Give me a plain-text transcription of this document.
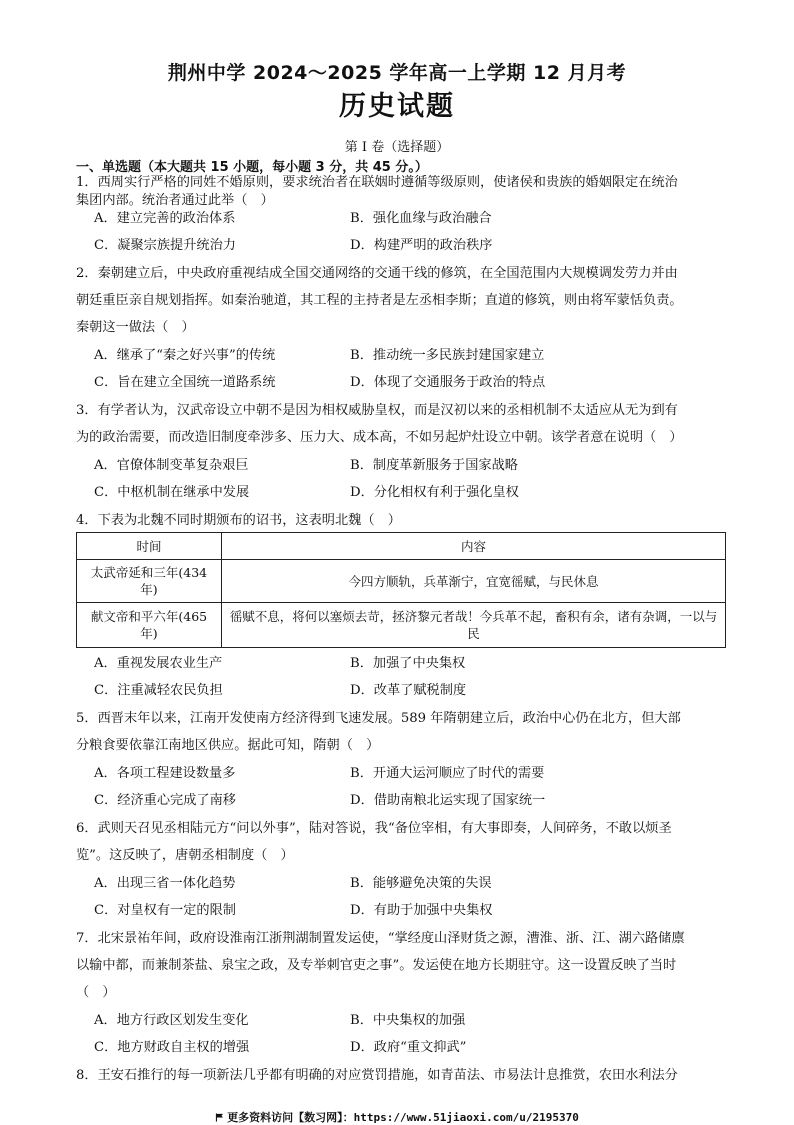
荆州中学 2024～2025 学年高一上学期 12 月月考
历史试题
第 I 卷（选择题）
一、单选题（本大题共 15 小题，每小题 3 分，共 45 分。）
1．西周实行严格的同姓不婚原则，要求统治者在联姻时遵循等级原则，使诸侯和贵族的婚姻限定在统治
集团内部。统治者通过此举（　）
A．建立完善的政治体系	B．强化血缘与政治融合
C．凝聚宗族提升统治力	D．构建严明的政治秩序
2．秦朝建立后，中央政府重视结成全国交通网络的交通干线的修筑，在全国范围内大规模调发劳力并由
朝廷重臣亲自规划指挥。如秦治驰道，其工程的主持者是左丞相李斯；直道的修筑，则由将军蒙恬负责。
秦朝这一做法（　）
A．继承了“秦之好兴事”的传统	B．推动统一多民族封建国家建立
C．旨在建立全国统一道路系统	D．体现了交通服务于政治的特点
3．有学者认为，汉武帝设立中朝不是因为相权威胁皇权，而是汉初以来的丞相机制不太适应从无为到有
为的政治需要，而改造旧制度牵涉多、压力大、成本高，不如另起炉灶设立中朝。该学者意在说明（　）
A．官僚体制变革复杂艰巨	B．制度革新服务于国家战略
C．中枢机制在继承中发展	D．分化相权有利于强化皇权
4．下表为北魏不同时期颁布的诏书，这表明北魏（　）
时间	内容
太武帝延和三年(434年)	今四方顺轨，兵革渐宁，宜宽徭赋，与民休息
献文帝和平六年(465年)	徭赋不息，将何以塞烦去苛，拯济黎元者哉！今兵革不起，畜积有余，诸有杂调，一以与民
A．重视发展农业生产	B．加强了中央集权
C．注重减轻农民负担	D．改革了赋税制度
5．西晋末年以来，江南开发使南方经济得到飞速发展。589 年隋朝建立后，政治中心仍在北方，但大部
分粮食要依靠江南地区供应。据此可知，隋朝（　）
A．各项工程建设数量多	B．开通大运河顺应了时代的需要
C．经济重心完成了南移	D．借助南粮北运实现了国家统一
6．武则天召见丞相陆元方“问以外事”，陆对答说，我“备位宰相，有大事即奏，人间碎务，不敢以烦圣
览”。这反映了，唐朝丞相制度（　）
A．出现三省一体化趋势	B．能够避免决策的失误
C．对皇权有一定的限制	D．有助于加强中央集权
7．北宋景祐年间，政府设淮南江浙荆湖制置发运使，“掌经度山泽财货之源，漕淮、浙、江、湖六路储廪
以输中都，而兼制茶盐、泉宝之政，及专举刺官吏之事”。发运使在地方长期驻守。这一设置反映了当时
（　）
A．地方行政区划发生变化	B．中央集权的加强
C．地方财政自主权的增强	D．政府“重文抑武”
8．王安石推行的每一项新法几乎都有明确的对应赏罚措施，如青苗法、市易法计息推赏，农田水利法分
更多资料访问【数习网】：https://www.51jiaoxi.com/u/2195370
